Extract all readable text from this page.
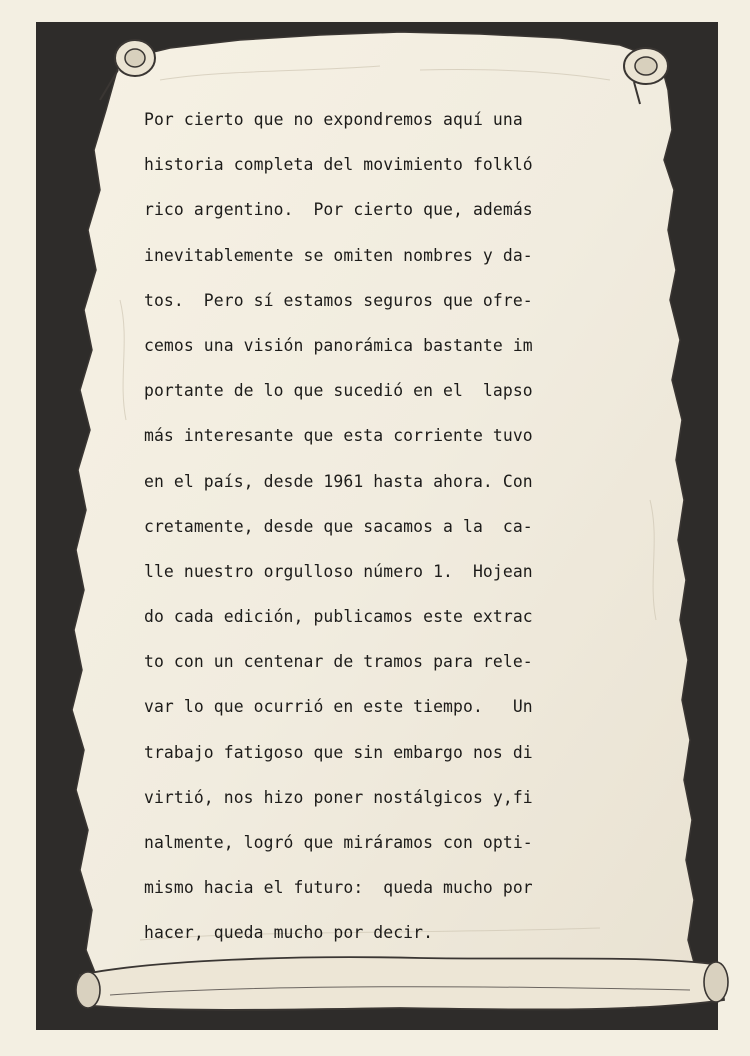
Por cierto que no expondremos aquí una
historia completa del movimiento folkló
rico argentino.  Por cierto que, además
inevitablemente se omiten nombres y da-
tos.  Pero sí estamos seguros que ofre-
cemos una visión panorámica bastante im
portante de lo que sucedió en el  lapso
más interesante que esta corriente tuvo
en el país, desde 1961 hasta ahora. Con
cretamente, desde que sacamos a la  ca-
lle nuestro orgulloso número 1.  Hojean
do cada edición, publicamos este extrac
to con un centenar de tramos para rele-
var lo que ocurrió en este tiempo.   Un
trabajo fatigoso que sin embargo nos di
virtió, nos hizo poner nostálgicos y,fi
nalmente, logró que miráramos con opti-
mismo hacia el futuro:  queda mucho por
hacer, queda mucho por decir.
